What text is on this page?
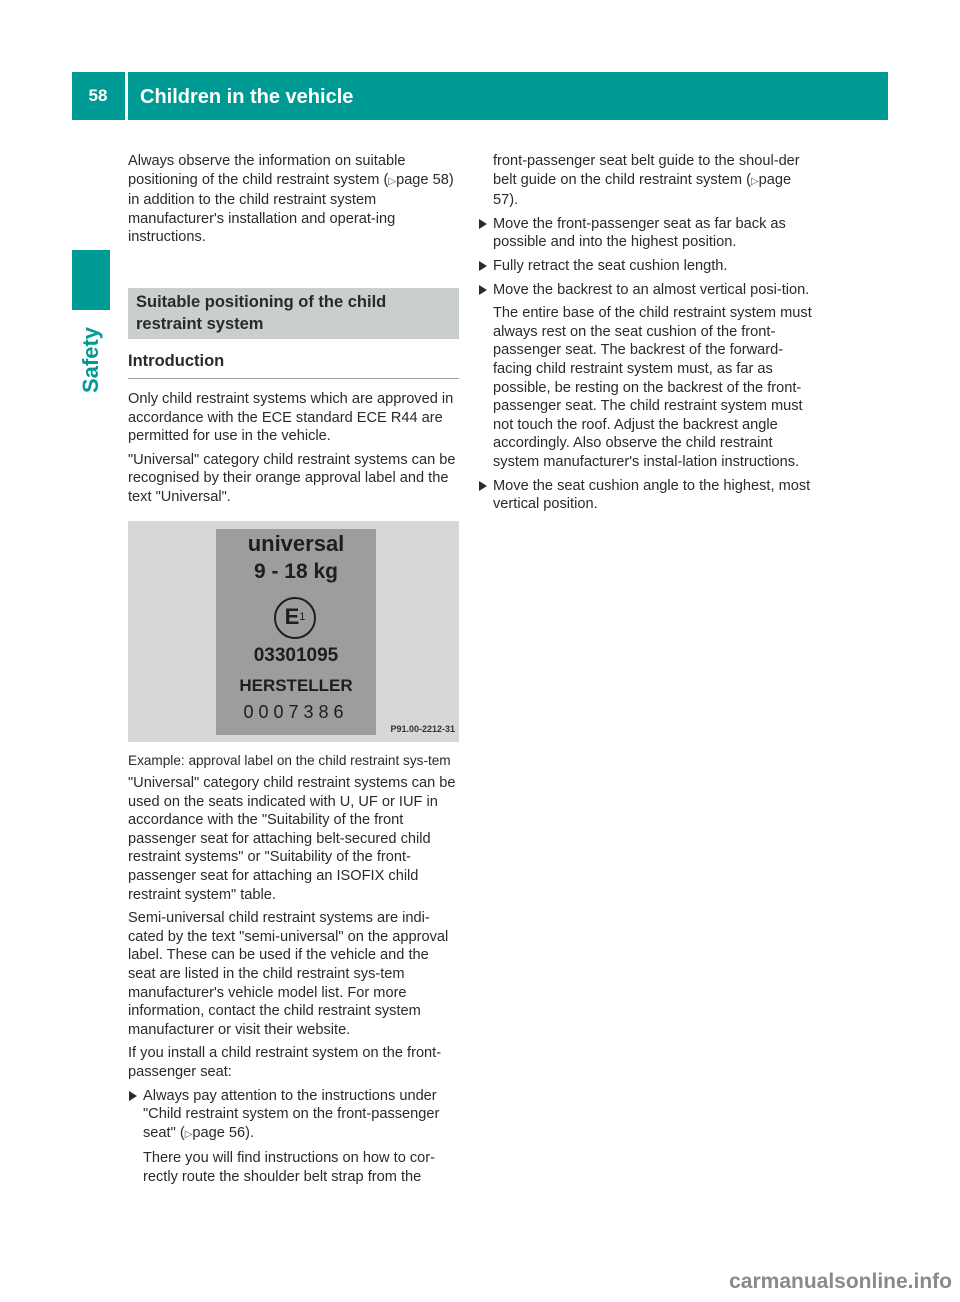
58	Children in the vehicle
Safety

Always observe the information on suitable positioning of the child restraint system (▷page 58) in addition to the child restraint system manufacturer's installation and operat-ing instructions.

Suitable positioning of the child restraint system
Introduction

Only child restraint systems which are approved in accordance with the ECE standard ECE R44 are permitted for use in the vehicle.

"Universal" category child restraint systems can be recognised by their orange approval label and the text "Universal".

universal
9 - 18 kg
E 1
03301095
HERSTELLER
0007386
P91.00-2212-31

Example: approval label on the child restraint sys-tem

"Universal" category child restraint systems can be used on the seats indicated with U, UF or IUF in accordance with the "Suitability of the front passenger seat for attaching belt-secured child restraint systems" or "Suitability of the front-passenger seat for attaching an ISOFIX child restraint system" table.

Semi-universal child restraint systems are indi-cated by the text "semi-universal" on the approval label. These can be used if the vehicle and the seat are listed in the child restraint sys-tem manufacturer's vehicle model list. For more information, contact the child restraint system manufacturer or visit their website.

If you install a child restraint system on the front-passenger seat:

Always pay attention to the instructions under "Child restraint system on the front-passenger seat" (▷page 56).
There you will find instructions on how to cor-rectly route the shoulder belt strap from the
front-passenger seat belt guide to the shoul-der belt guide on the child restraint system (▷page 57).
Move the front-passenger seat as far back as possible and into the highest position.
Fully retract the seat cushion length.
Move the backrest to an almost vertical posi-tion.
The entire base of the child restraint system must always rest on the seat cushion of the front-passenger seat. The backrest of the forward-facing child restraint system must, as far as possible, be resting on the backrest of the front-passenger seat. The child restraint system must not touch the roof. Adjust the backrest angle accordingly. Also observe the child restraint system manufacturer's instal-lation instructions.
Move the seat cushion angle to the highest, most vertical position.
carmanualsonline.info
